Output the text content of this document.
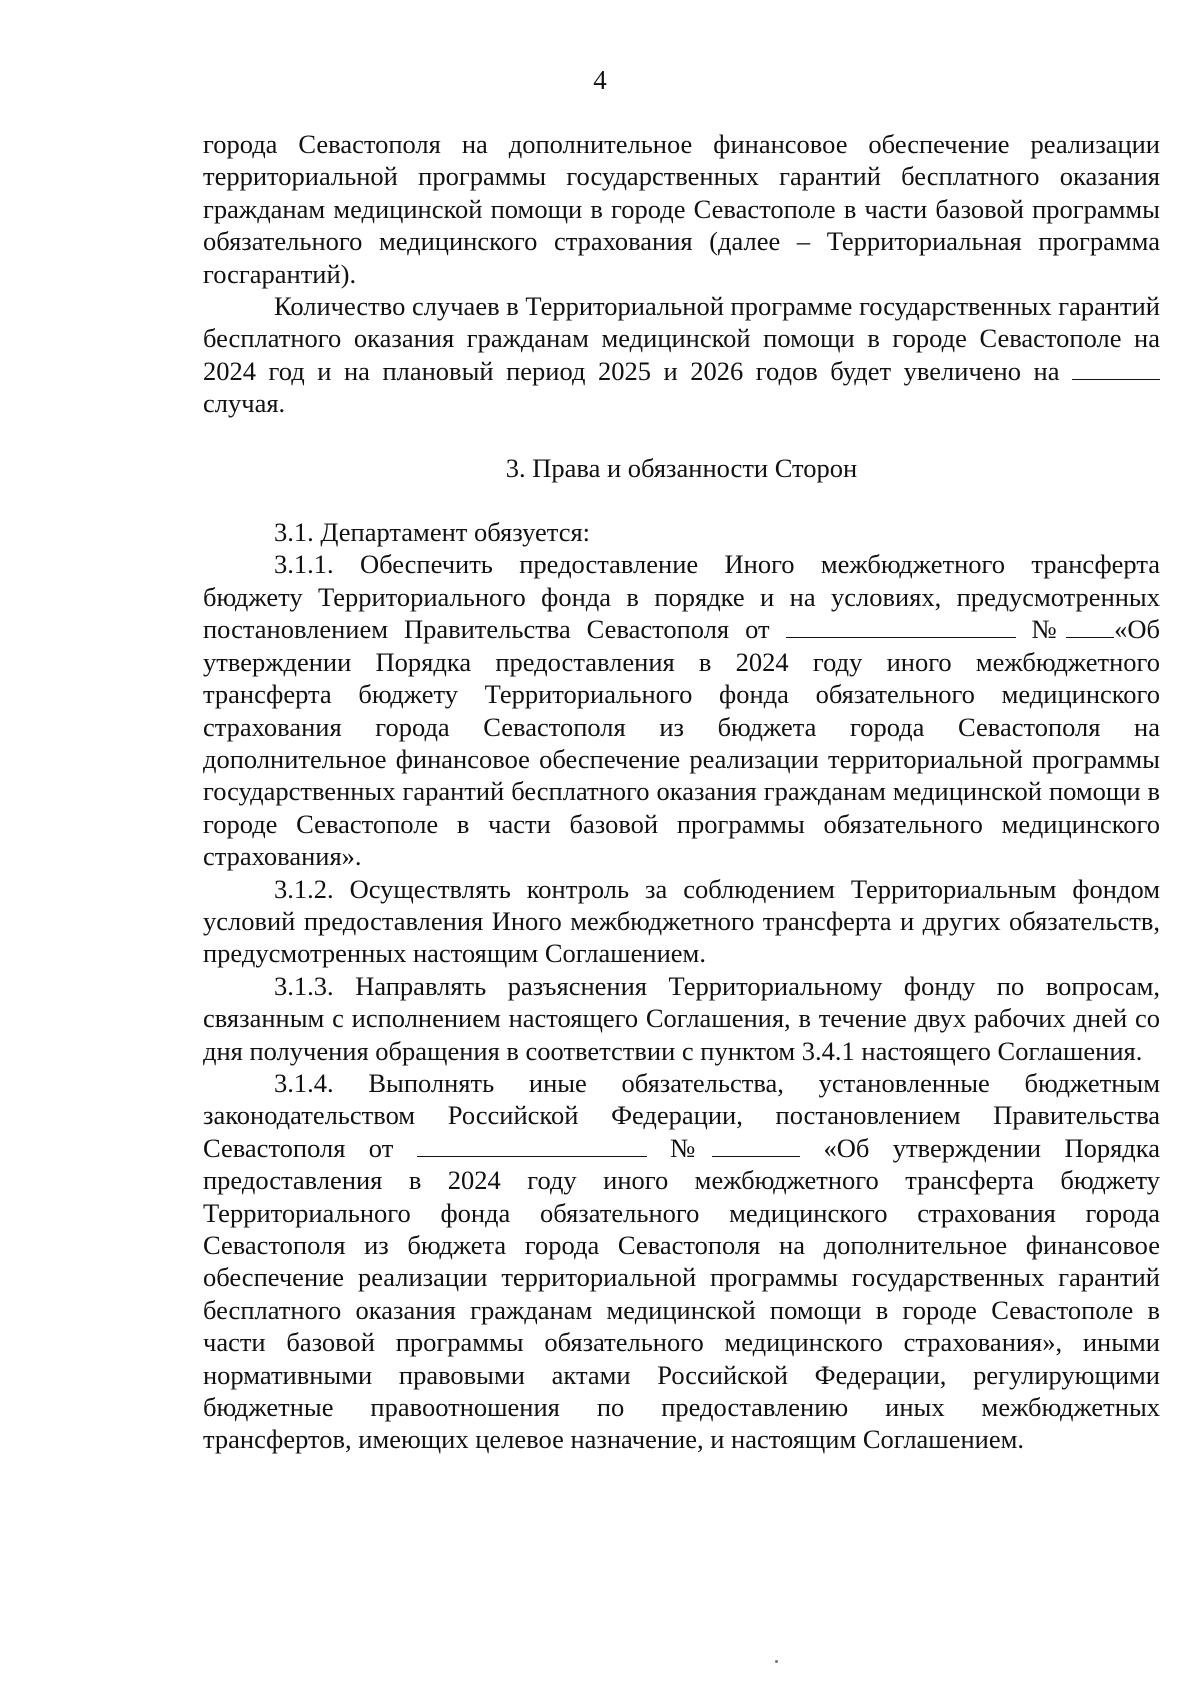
4

города Севастополя на дополнительное финансовое обеспечение реализации территориальной программы государственных гарантий бесплатного оказания гражданам медицинской помощи в городе Севастополе в части базовой программы обязательного медицинского страхования (далее – Территориальная программа госгарантий).

Количество случаев в Территориальной программе государственных гарантий бесплатного оказания гражданам медицинской помощи в городе Севастополе на 2024 год и на плановый период 2025 и 2026 годов будет увеличено на  случая.

3. Права и обязанности Сторон

3.1. Департамент обязуется:

3.1.1. Обеспечить предоставление Иного межбюджетного трансферта бюджету Территориального фонда в порядке и на условиях, предусмотренных постановлением Правительства Севастополя от	№ «Об утверждении Порядка предоставления в 2024 году иного межбюджетного трансферта бюджету Территориального фонда обязательного медицинского страхования города Севастополя из бюджета города Севастополя на дополнительное финансовое обеспечение реализации территориальной программы государственных гарантий бесплатного оказания гражданам медицинской помощи в городе Севастополе в части базовой программы обязательного медицинского страхования».

3.1.2. Осуществлять контроль за соблюдением Территориальным фондом условий предоставления Иного межбюджетного трансферта и других обязательств, предусмотренных настоящим Соглашением.

3.1.3. Направлять разъяснения Территориальному фонду по вопросам, связанным с исполнением настоящего Соглашения, в течение двух рабочих дней со дня получения обращения в соответствии с пунктом 3.4.1 настоящего Соглашения.

3.1.4. Выполнять иные обязательства, установленные бюджетным законодательством Российской Федерации, постановлением Правительства Севастополя от	№	«Об утверждении Порядка предоставления в 2024 году иного межбюджетного трансферта бюджету Территориального фонда обязательного медицинского страхования города Севастополя из бюджета города Севастополя на дополнительное финансовое обеспечение реализации территориальной программы государственных гарантий бесплатного оказания гражданам медицинской помощи в городе Севастополе в части базовой программы обязательного медицинского страхования», иными нормативными правовыми актами Российской Федерации, регулирующими бюджетные правоотношения по предоставлению иных межбюджетных трансфертов, имеющих целевое назначение, и настоящим Соглашением.
